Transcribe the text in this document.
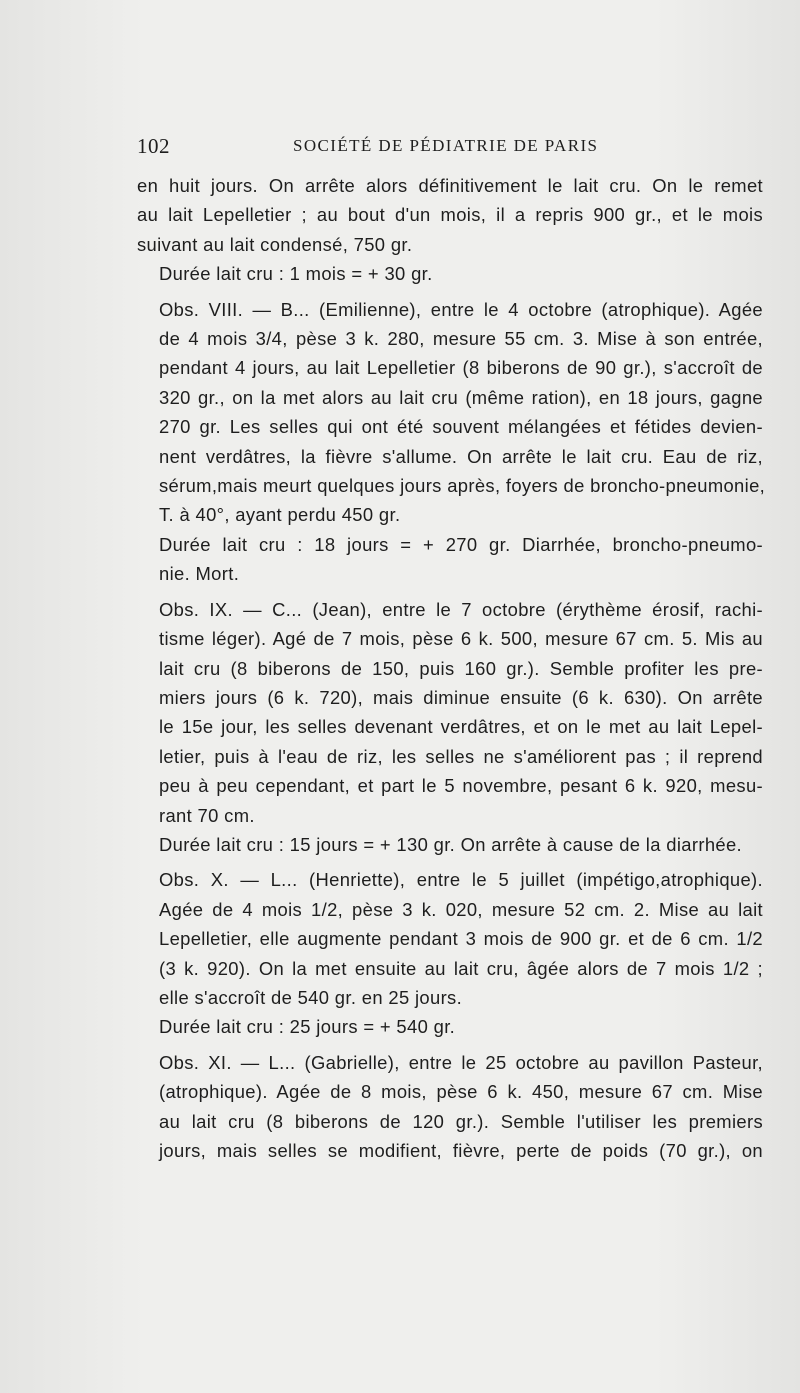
102	SOCIÉTÉ DE PÉDIATRIE DE PARIS

en huit jours. On arrête alors définitivement le lait cru. On le remet
au lait Lepelletier ; au bout d'un mois, il a repris 900 gr., et le mois
suivant au lait condensé, 750 gr.

Durée lait cru : 1 mois = + 30 gr.

Obs. VIII. — B... (Emilienne), entre le 4 octobre (atrophique). Agée
de 4 mois 3/4, pèse 3 k. 280, mesure 55 cm. 3. Mise à son entrée,
pendant 4 jours, au lait Lepelletier (8 biberons de 90 gr.), s'accroît de
320 gr., on la met alors au lait cru (même ration), en 18 jours, gagne
270 gr. Les selles qui ont été souvent mélangées et fétides devien-
nent verdâtres, la fièvre s'allume. On arrête le lait cru. Eau de riz,
sérum,mais meurt quelques jours après, foyers de broncho-pneumonie,
T. à 40°, ayant perdu 450 gr.

Durée lait cru : 18 jours = + 270 gr. Diarrhée, broncho-pneumo-
nie. Mort.

Obs. IX. — C... (Jean), entre le 7 octobre (érythème érosif, rachi-
tisme léger). Agé de 7 mois, pèse 6 k. 500, mesure 67 cm. 5. Mis au
lait cru (8 biberons de 150, puis 160 gr.). Semble profiter les pre-
miers jours (6 k. 720), mais diminue ensuite (6 k. 630). On arrête
le 15e jour, les selles devenant verdâtres, et on le met au lait Lepel-
letier, puis à l'eau de riz, les selles ne s'améliorent pas ; il reprend
peu à peu cependant, et part le 5 novembre, pesant 6 k. 920, mesu-
rant 70 cm.

Durée lait cru : 15 jours = + 130 gr. On arrête à cause de la diarrhée.

Obs. X. — L... (Henriette), entre le 5 juillet (impétigo,atrophique).
Agée de 4 mois 1/2, pèse 3 k. 020, mesure 52 cm. 2. Mise au lait
Lepelletier, elle augmente pendant 3 mois de 900 gr. et de 6 cm. 1/2
(3 k. 920). On la met ensuite au lait cru, âgée alors de 7 mois 1/2 ;
elle s'accroît de 540 gr. en 25 jours.

Durée lait cru : 25 jours = + 540 gr.

Obs. XI. — L... (Gabrielle), entre le 25 octobre au pavillon Pasteur,
(atrophique). Agée de 8 mois, pèse 6 k. 450, mesure 67 cm. Mise
au lait cru (8 biberons de 120 gr.). Semble l'utiliser les premiers
jours, mais selles se modifient, fièvre, perte de poids (70 gr.), on
